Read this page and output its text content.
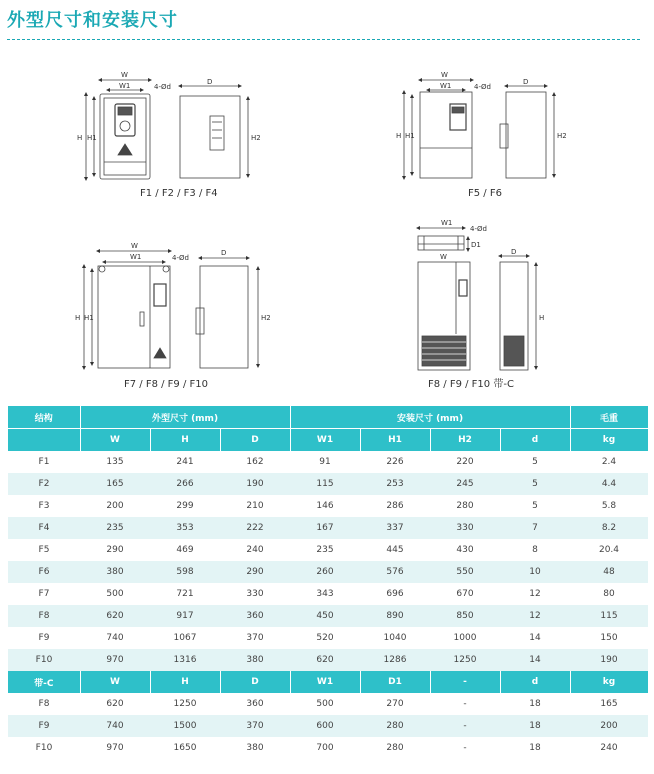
外型尺寸和安装尺寸
W
W1	4-Ød
D
H H1	H2
F1 / F2 / F3 / F4
W
W1	4-Ød
D
H H1	H2
F5 / F6
W
W1	4-Ød
D
H H1	H2
F7 / F8 / F9 / F10
W1
4-Ød
D1
W
D
H
F8 / F9 / F10 带-C
结构	外型尺寸 (mm)			安装尺寸 (mm)				毛重
	W	H	D	W1	H1	H2	d	kg
F1	135	241	162	91	226	220	5	2.4
F2	165	266	190	115	253	245	5	4.4
F3	200	299	210	146	286	280	5	5.8
F4	235	353	222	167	337	330	7	8.2
F5	290	469	240	235	445	430	8	20.4
F6	380	598	290	260	576	550	10	48
F7	500	721	330	343	696	670	12	80
F8	620	917	360	450	890	850	12	115
F9	740	1067	370	520	1040	1000	14	150
F10	970	1316	380	620	1286	1250	14	190
带-C	W	H	D	W1	D1	-	d	kg
F8	620	1250	360	500	270	-	18	165
F9	740	1500	370	600	280	-	18	200
F10	970	1650	380	700	280	-	18	240
